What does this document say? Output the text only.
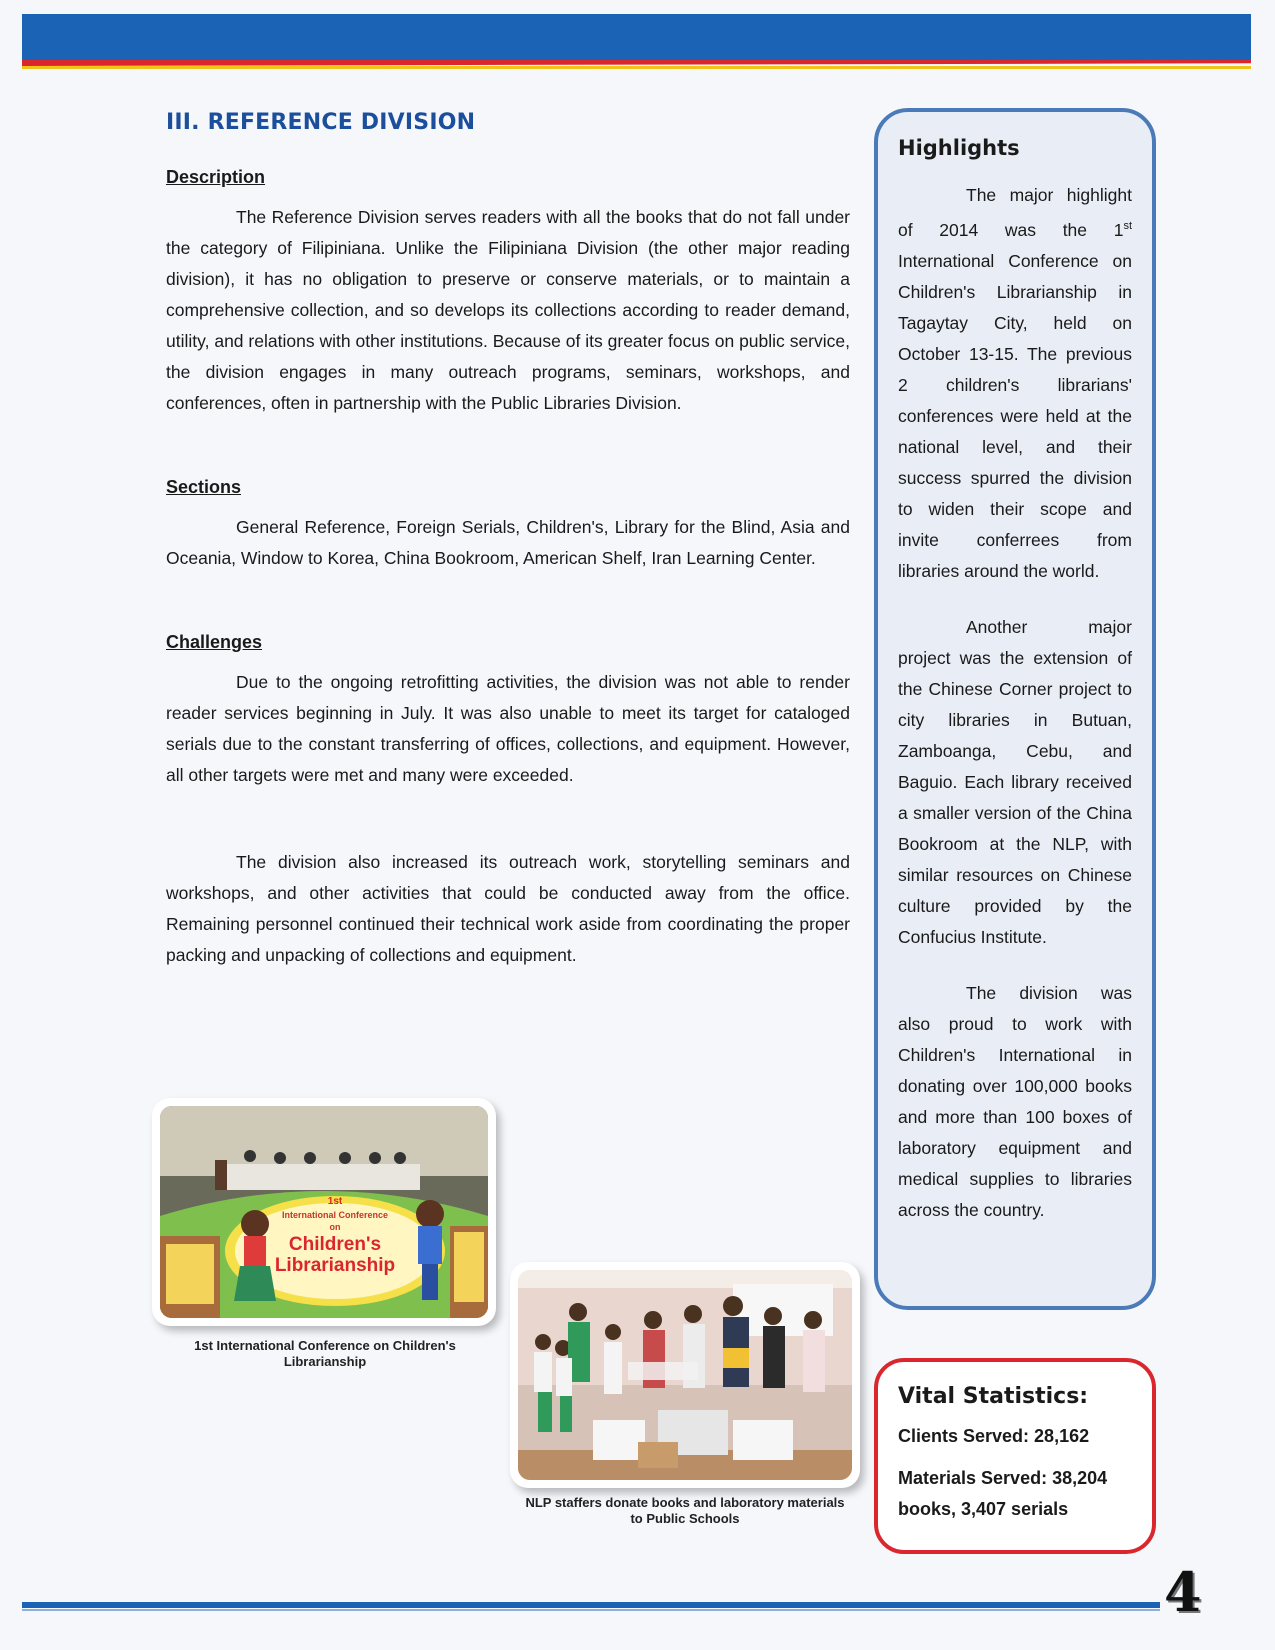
III. REFERENCE DIVISION
Description

The Reference Division serves readers with all the books that do not fall under the category of Filipiniana. Unlike the Filipiniana Division (the other major reading division), it has no obligation to preserve or conserve materials, or to maintain a comprehensive collection, and so develops its collections according to reader demand, utility, and relations with other institutions. Because of its greater focus on public service, the division engages in many outreach programs, seminars, workshops, and conferences, often in partnership with the Public Libraries Division.

Sections

General Reference, Foreign Serials, Children's, Library for the Blind, Asia and Oceania, Window to Korea, China Bookroom, American Shelf, Iran Learning Center.

Challenges

Due to the ongoing retrofitting activities, the division was not able to render reader services beginning in July. It was also unable to meet its target for cataloged serials due to the constant transferring of offices, collections, and equipment. However, all other targets were met and many were exceeded.

The division also increased its outreach work, storytelling seminars and workshops, and other activities that could be conducted away from the office. Remaining personnel continued their technical work aside from coordinating the proper packing and unpacking of collections and equipment.

1st
International Conference
on
Children's
Librarianship
1st International Conference on Children's Librarianship
NLP staffers donate books and laboratory materials to Public Schools
Highlights

The major highlight of 2014 was the 1st International Conference on Children's Librarianship in Tagaytay City, held on October 13-15. The previous 2 children's librarians' conferences were held at the national level, and their success spurred the division to widen their scope and invite conferrees from libraries around the world.

Another major project was the extension of the Chinese Corner project to city libraries in Butuan, Zamboanga, Cebu, and Baguio. Each library received a smaller version of the China Bookroom at the NLP, with similar resources on Chinese culture provided by the Confucius Institute.

The division was also proud to work with Children's International in donating over 100,000 books and more than 100 boxes of laboratory equipment and medical supplies to libraries across the country.

Vital Statistics:

Clients Served: 28,162

Materials Served: 38,204 books, 3,407 serials

4
